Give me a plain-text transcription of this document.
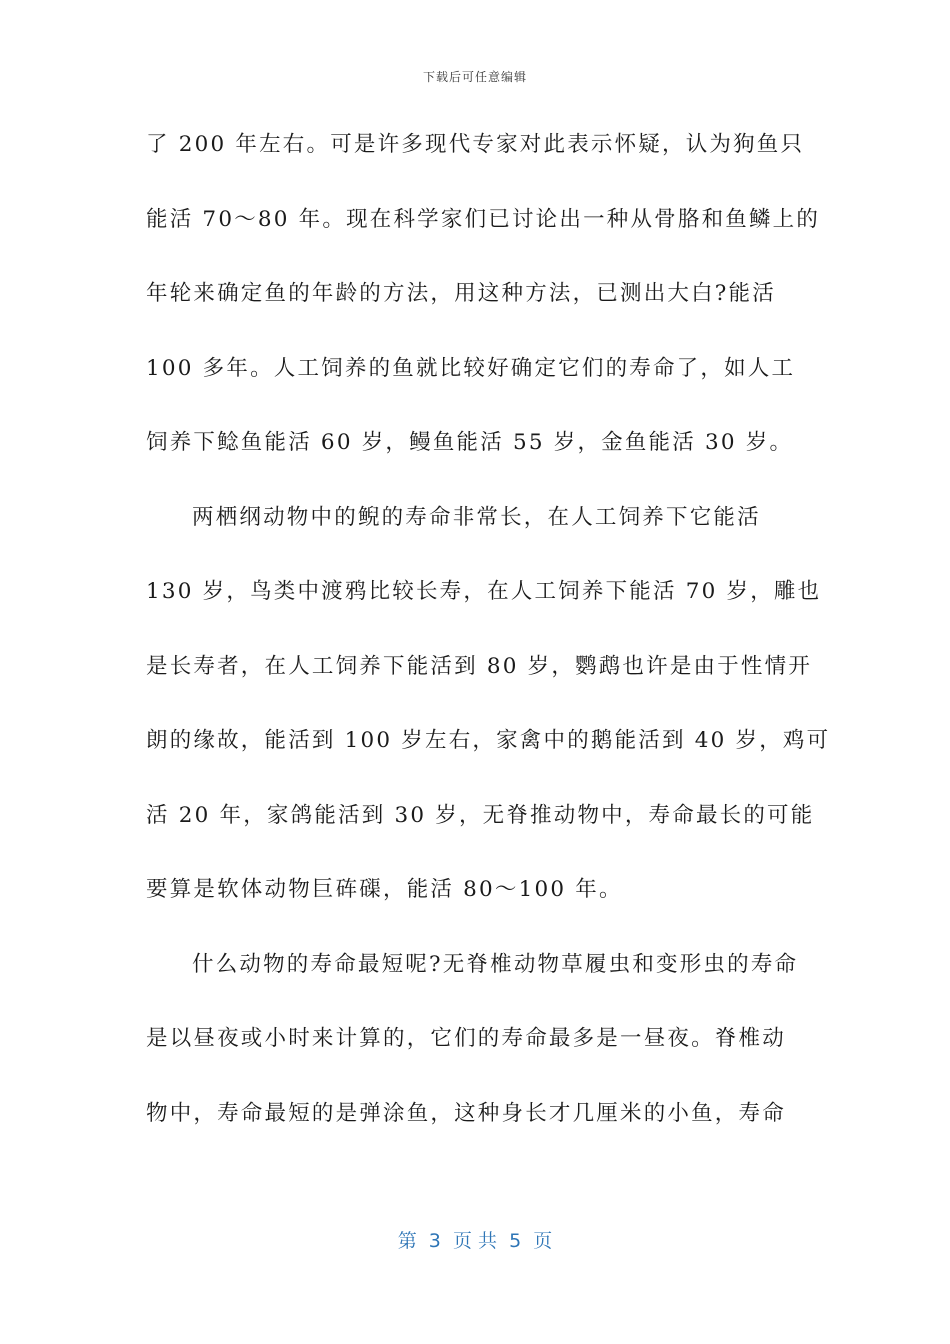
下载后可任意编辑
了 200 年左右。可是许多现代专家对此表示怀疑，认为狗鱼只
能活 70～80 年。现在科学家们已讨论出一种从骨胳和鱼鳞上的
年轮来确定鱼的年龄的方法，用这种方法，已测出大白?能活
100 多年。人工饲养的鱼就比较好确定它们的寿命了，如人工
饲养下鲶鱼能活 60 岁，鳗鱼能活 55 岁，金鱼能活 30 岁。
两栖纲动物中的鲵的寿命非常长，在人工饲养下它能活
130 岁，鸟类中渡鸦比较长寿，在人工饲养下能活 70 岁，雕也
是长寿者，在人工饲养下能活到 80 岁，鹦鹉也许是由于性情开
朗的缘故，能活到 100 岁左右，家禽中的鹅能活到 40 岁，鸡可
活 20 年，家鸽能活到 30 岁，无脊推动物中，寿命最长的可能
要算是软体动物巨砗磲，能活 80～100 年。
什么动物的寿命最短呢?无脊椎动物草履虫和变形虫的寿命
是以昼夜或小时来计算的，它们的寿命最多是一昼夜。脊椎动
物中，寿命最短的是弹涂鱼，这种身长才几厘米的小鱼，寿命
第  3  页 共  5  页
